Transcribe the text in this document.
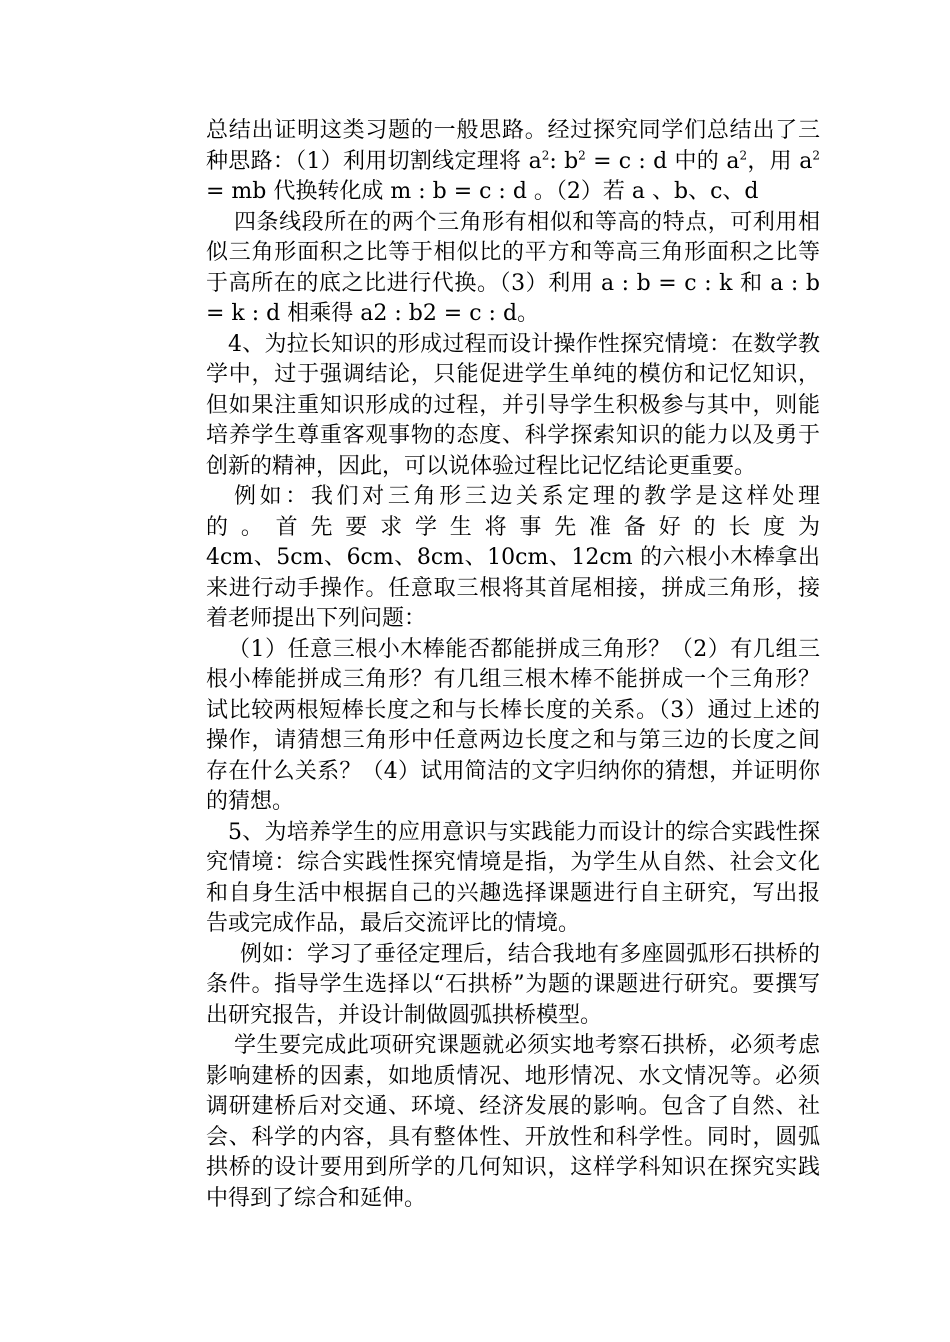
总结出证明这类习题的一般思路。经过探究同学们总结出了三种思路：（1）利用切割线定理将 $a^2$: $b^2 = c$ : d 中的 $a^2$，用 $a^2$ = mb 代换转化成 m : b = c : d 。（2）若 a 、b、c、d

四条线段所在的两个三角形有相似和等高的特点，可利用相似三角形面积之比等于相似比的平方和等高三角形面积之比等于高所在的底之比进行代换。（3）利用 a : b = c : k 和 a : b = k : d 相乘得 a2 : b2 = c : d。

4、为拉长知识的形成过程而设计操作性探究情境：在数学教学中，过于强调结论，只能促进学生单纯的模仿和记忆知识，但如果注重知识形成的过程，并引导学生积极参与其中，则能培养学生尊重客观事物的态度、科学探索知识的能力以及勇于创新的精神，因此，可以说体验过程比记忆结论更重要。

例如：我们对三角形三边关系定理的教学是这样处理

的 。 首 先 要 求 学 生 将 事 先 准 备 好 的 长 度 为

4cm、5cm、6cm、8cm、10cm、12cm 的六根小木棒拿出来进行动手操作。任意取三根将其首尾相接，拼成三角形，接着老师提出下列问题：

（1）任意三根小木棒能否都能拼成三角形？（2）有几组三根小棒能拼成三角形？有几组三根木棒不能拼成一个三角形？试比较两根短棒长度之和与长棒长度的关系。（3）通过上述的操作，请猜想三角形中任意两边长度之和与第三边的长度之间存在什么关系？（4）试用简洁的文字归纳你的猜想，并证明你的猜想。

5、为培养学生的应用意识与实践能力而设计的综合实践性探究情境：综合实践性探究情境是指，为学生从自然、社会文化和自身生活中根据自己的兴趣选择课题进行自主研究，写出报告或完成作品，最后交流评比的情境。

例如：学习了垂径定理后，结合我地有多座圆弧形石拱桥的条件。指导学生选择以“石拱桥”为题的课题进行研究。要撰写出研究报告，并设计制做圆弧拱桥模型。

学生要完成此项研究课题就必须实地考察石拱桥，必须考虑影响建桥的因素，如地质情况、地形情况、水文情况等。必须调研建桥后对交通、环境、经济发展的影响。包含了自然、社会、科学的内容，具有整体性、开放性和科学性。同时，圆弧拱桥的设计要用到所学的几何知识，这样学科知识在探究实践中得到了综合和延伸。
